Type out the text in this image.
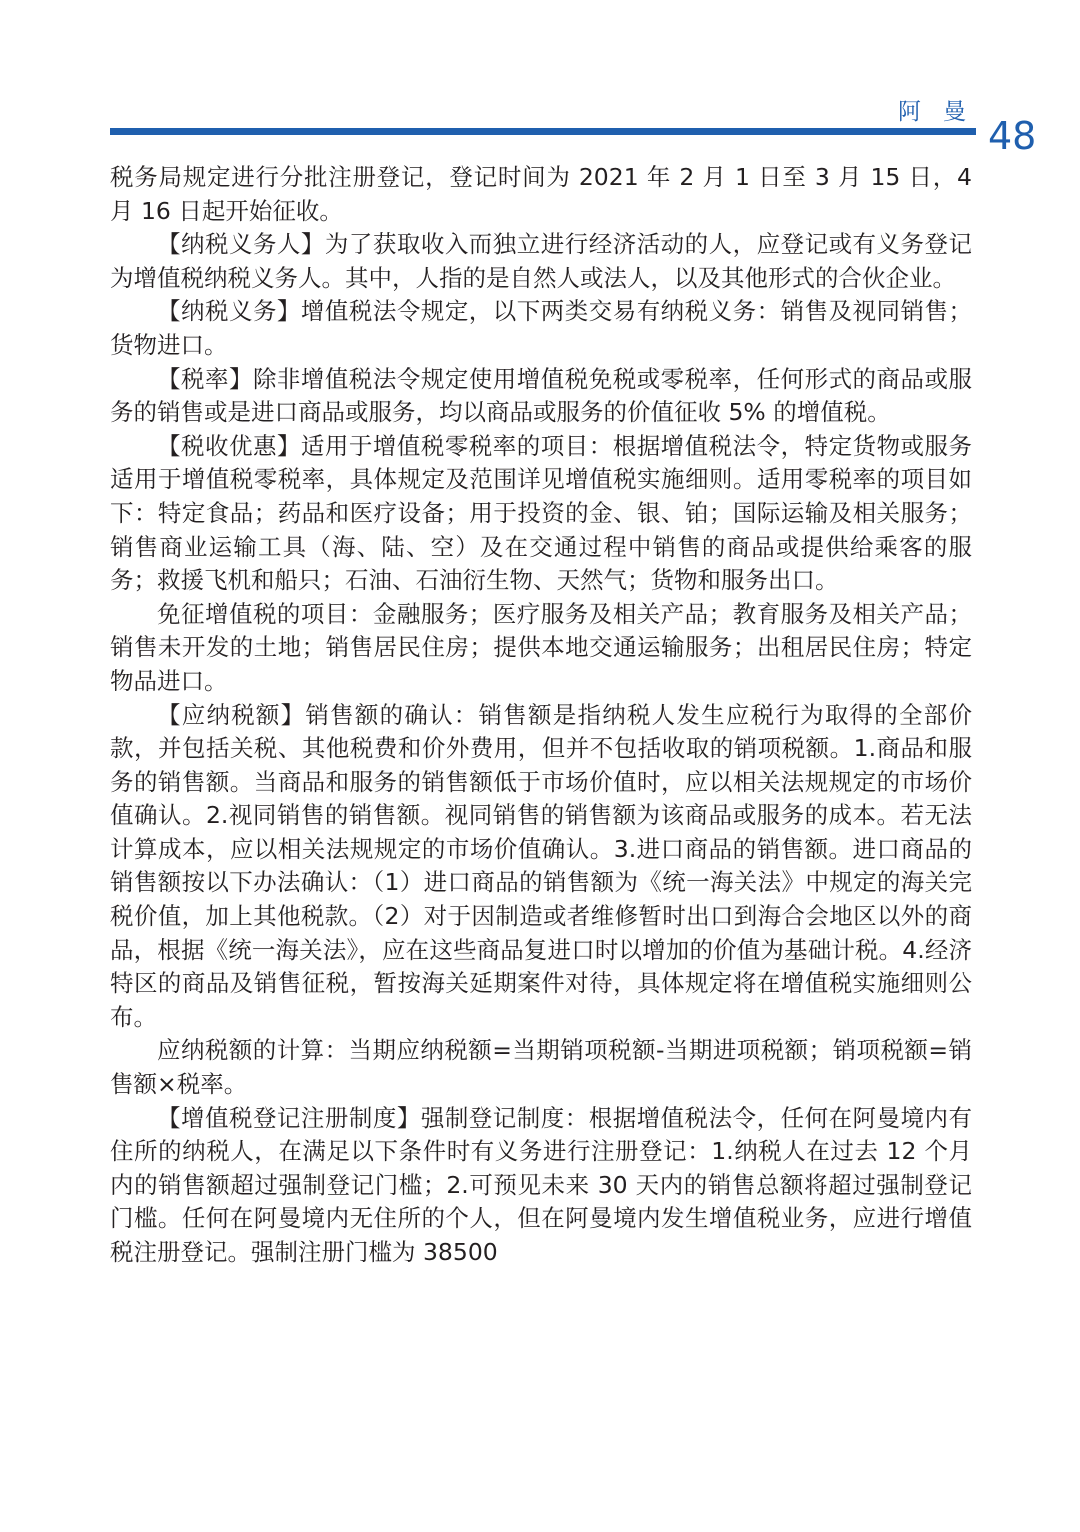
阿曼
48

税务局规定进行分批注册登记，登记时间为 2021 年 2 月 1 日至 3 月 15 日，4 月 16 日起开始征收。

【纳税义务人】为了获取收入而独立进行经济活动的人，应登记或有义务登记为增值税纳税义务人。其中，人指的是自然人或法人，以及其他形式的合伙企业。

【纳税义务】增值税法令规定，以下两类交易有纳税义务：销售及视同销售；货物进口。

【税率】除非增值税法令规定使用增值税免税或零税率，任何形式的商品或服务的销售或是进口商品或服务，均以商品或服务的价值征收 5% 的增值税。

【税收优惠】适用于增值税零税率的项目：根据增值税法令，特定货物或服务适用于增值税零税率，具体规定及范围详见增值税实施细则。适用零税率的项目如下：特定食品；药品和医疗设备；用于投资的金、银、铂；国际运输及相关服务；销售商业运输工具（海、陆、空）及在交通过程中销售的商品或提供给乘客的服务；救援飞机和船只；石油、石油衍生物、天然气；货物和服务出口。

免征增值税的项目：金融服务；医疗服务及相关产品；教育服务及相关产品；销售未开发的土地；销售居民住房；提供本地交通运输服务；出租居民住房；特定物品进口。

【应纳税额】销售额的确认：销售额是指纳税人发生应税行为取得的全部价款，并包括关税、其他税费和价外费用，但并不包括收取的销项税额。1.商品和服务的销售额。当商品和服务的销售额低于市场价值时，应以相关法规规定的市场价值确认。2.视同销售的销售额。视同销售的销售额为该商品或服务的成本。若无法计算成本，应以相关法规规定的市场价值确认。3.进口商品的销售额。进口商品的销售额按以下办法确认：（1）进口商品的销售额为《统一海关法》中规定的海关完税价值，加上其他税款。（2）对于因制造或者维修暂时出口到海合会地区以外的商品，根据《统一海关法》，应在这些商品复进口时以增加的价值为基础计税。4.经济特区的商品及销售征税，暂按海关延期案件对待，具体规定将在增值税实施细则公布。

应纳税额的计算：当期应纳税额=当期销项税额-当期进项税额；销项税额=销售额×税率。

【增值税登记注册制度】强制登记制度：根据增值税法令，任何在阿曼境内有住所的纳税人，在满足以下条件时有义务进行注册登记：1.纳税人在过去 12 个月内的销售额超过强制登记门槛；2.可预见未来 30 天内的销售总额将超过强制登记门槛。任何在阿曼境内无住所的个人，但在阿曼境内发生增值税业务，应进行增值税注册登记。强制注册门槛为 38500
